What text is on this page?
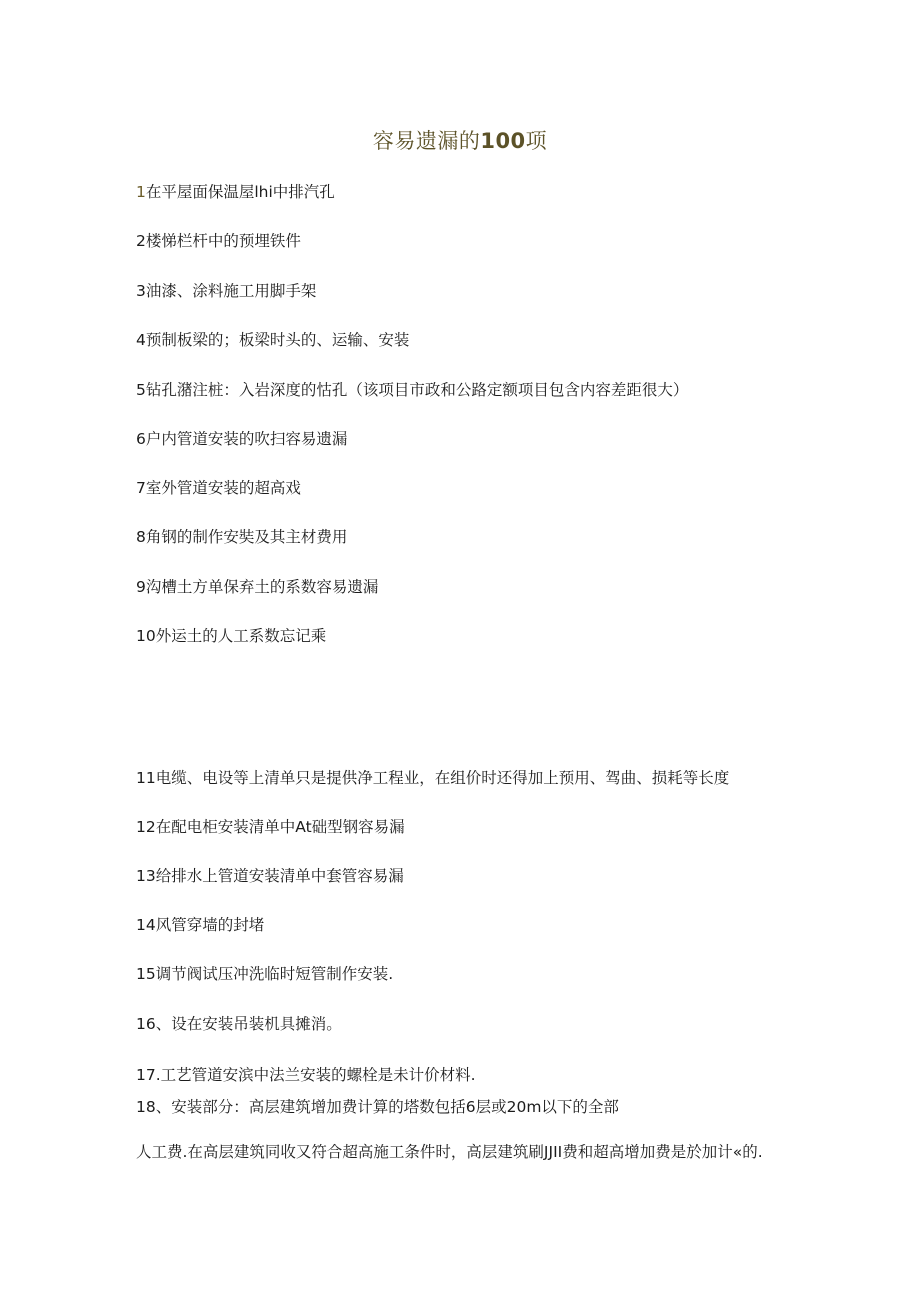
容易遗漏的100项
1在平屋面保温屋lhi中排汽孔
2楼悌栏杆中的预埋铁件
3油漆、涂料施工用脚手架
4预制板梁的；板梁时头的、运输、安装
5钻孔潴注桩：入岩深度的怙孔（该项目市政和公路定额项目包含内容差距很大）
6户内管道安装的吹扫容易遗漏
7室外管道安装的超高戏
8角钢的制作安奘及其主材费用
9沟槽土方单保弃土的系数容易遗漏
10外运土的人工系数忘记乘
11电缆、电设等上清单只是提供净工程业，在组价时还得加上预用、驾曲、损耗等长度
12在配电柜安装清单中At础型钢容易漏
13给排水上管道安装清单中套管容易漏
14风管穿墙的封堵
15调节阀试压冲洗临时短管制作安装.
16、设在安装吊装机具摊消。
17.工艺管道安滨中法兰安装的螺栓是未计价材料.
18、安装部分：高层建筑增加费计算的塔数包括6层或20m以下的全部
人工费.在高层建筑同收又符合超高施工条件时，高层建筑刷JJII费和超高增加费是於加计«的.
